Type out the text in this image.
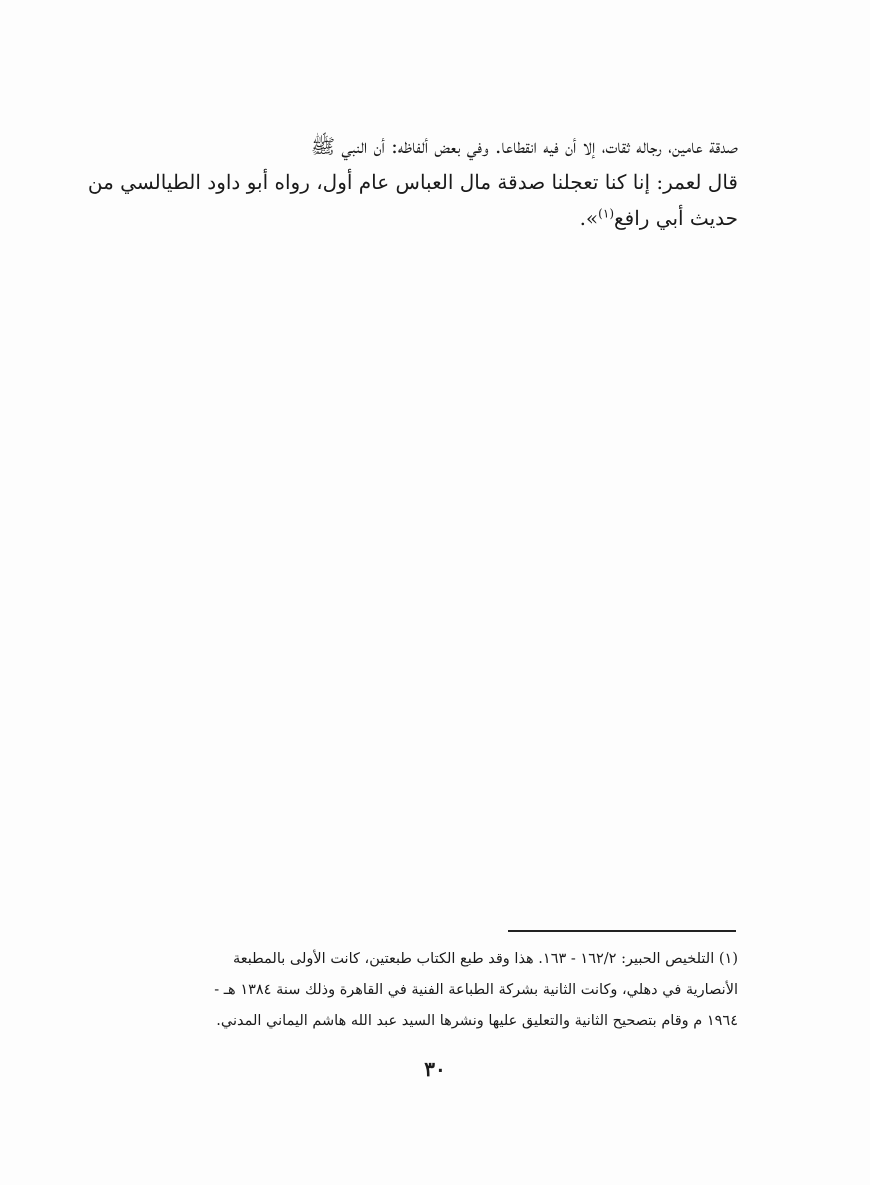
صدقة عامين، رجاله ثقات، إلا أن فيه انقطاعا. وفي بعض ألفاظه: أن النبي ﷺ
قال لعمر: إنا كنا تعجلنا صدقة مال العباس عام أول، رواه أبو داود الطيالسي من
حديث أبي رافع$^{(١)}$».
(١) التلخيص الحبير: ١٦٢/٢ - ١٦٣. هذا وقد طبع الكتاب طبعتين، كانت الأولى بالمطبعة
الأنصارية في دهلي، وكانت الثانية بشركة الطباعة الفنية في القاهرة وذلك سنة ١٣٨٤ هـ -
١٩٦٤ م وقام بتصحيح الثانية والتعليق عليها ونشرها السيد عبد الله هاشم اليماني المدني.
٣٠
